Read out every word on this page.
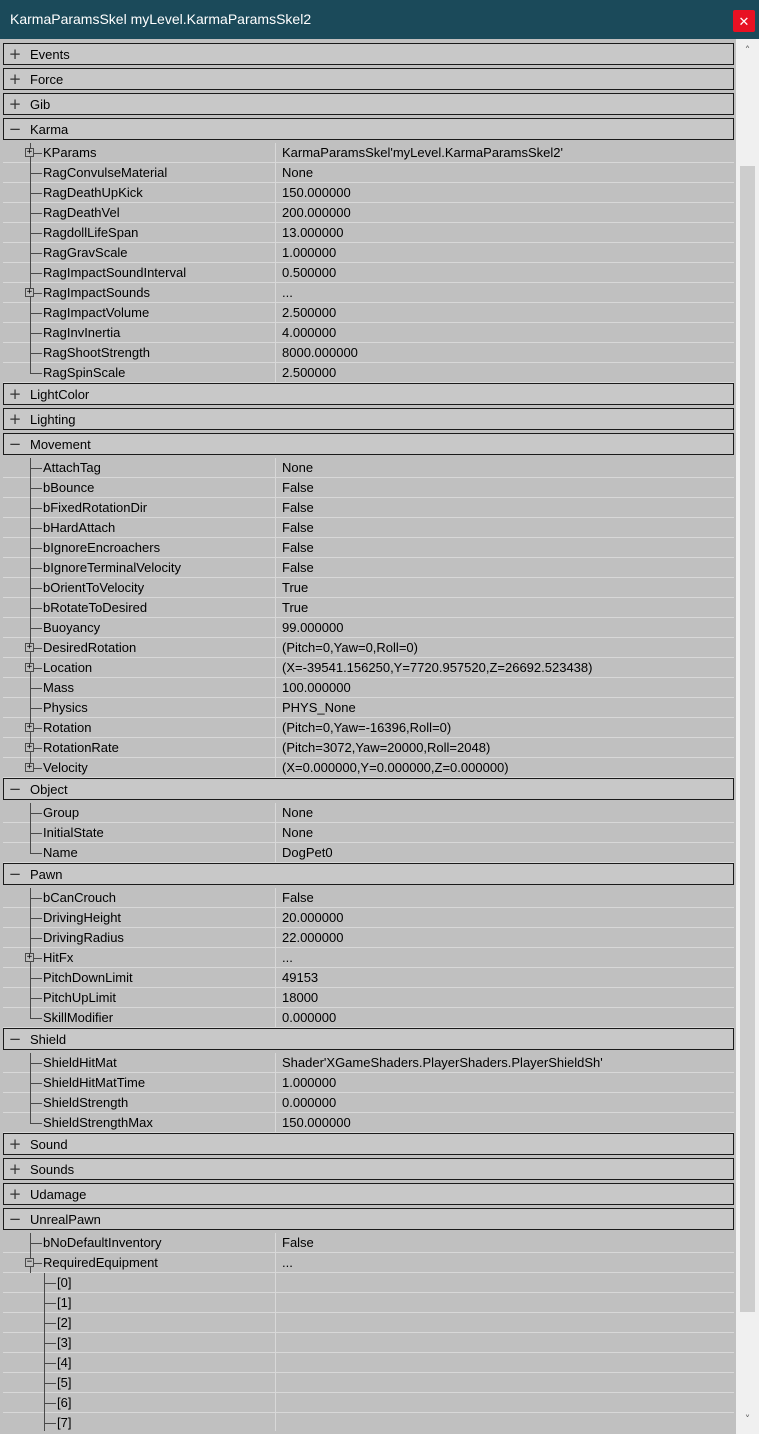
KarmaParamsSkel myLevel.KarmaParamsSkel2	✕
+ Events
+ Force
+ Gib
− Karma
+ KParams	KarmaParamsSkel'myLevel.KarmaParamsSkel2'
RagConvulseMaterial	None
RagDeathUpKick	150.000000
RagDeathVel	200.000000
RagdollLifeSpan	13.000000
RagGravScale	1.000000
RagImpactSoundInterval	0.500000
+ RagImpactSounds	...
RagImpactVolume	2.500000
RagInvInertia	4.000000
RagShootStrength	8000.000000
RagSpinScale	2.500000
+ LightColor
+ Lighting
− Movement
AttachTag	None
bBounce	False
bFixedRotationDir	False
bHardAttach	False
bIgnoreEncroachers	False
bIgnoreTerminalVelocity	False
bOrientToVelocity	True
bRotateToDesired	True
Buoyancy	99.000000
+ DesiredRotation	(Pitch=0,Yaw=0,Roll=0)
+ Location	(X=-39541.156250,Y=7720.957520,Z=26692.523438)
Mass	100.000000
Physics	PHYS_None
+ Rotation	(Pitch=0,Yaw=-16396,Roll=0)
+ RotationRate	(Pitch=3072,Yaw=20000,Roll=2048)
+ Velocity	(X=0.000000,Y=0.000000,Z=0.000000)
− Object
Group	None
InitialState	None
Name	DogPet0
− Pawn
bCanCrouch	False
DrivingHeight	20.000000
DrivingRadius	22.000000
+ HitFx	...
PitchDownLimit	49153
PitchUpLimit	18000
SkillModifier	0.000000
− Shield
ShieldHitMat	Shader'XGameShaders.PlayerShaders.PlayerShieldSh'
ShieldHitMatTime	1.000000
ShieldStrength	0.000000
ShieldStrengthMax	150.000000
+ Sound
+ Sounds
+ Udamage
− UnrealPawn
bNoDefaultInventory	False
− RequiredEquipment	...
[0]
[1]
[2]
[3]
[4]
[5]
[6]
[7]
˄
˅
